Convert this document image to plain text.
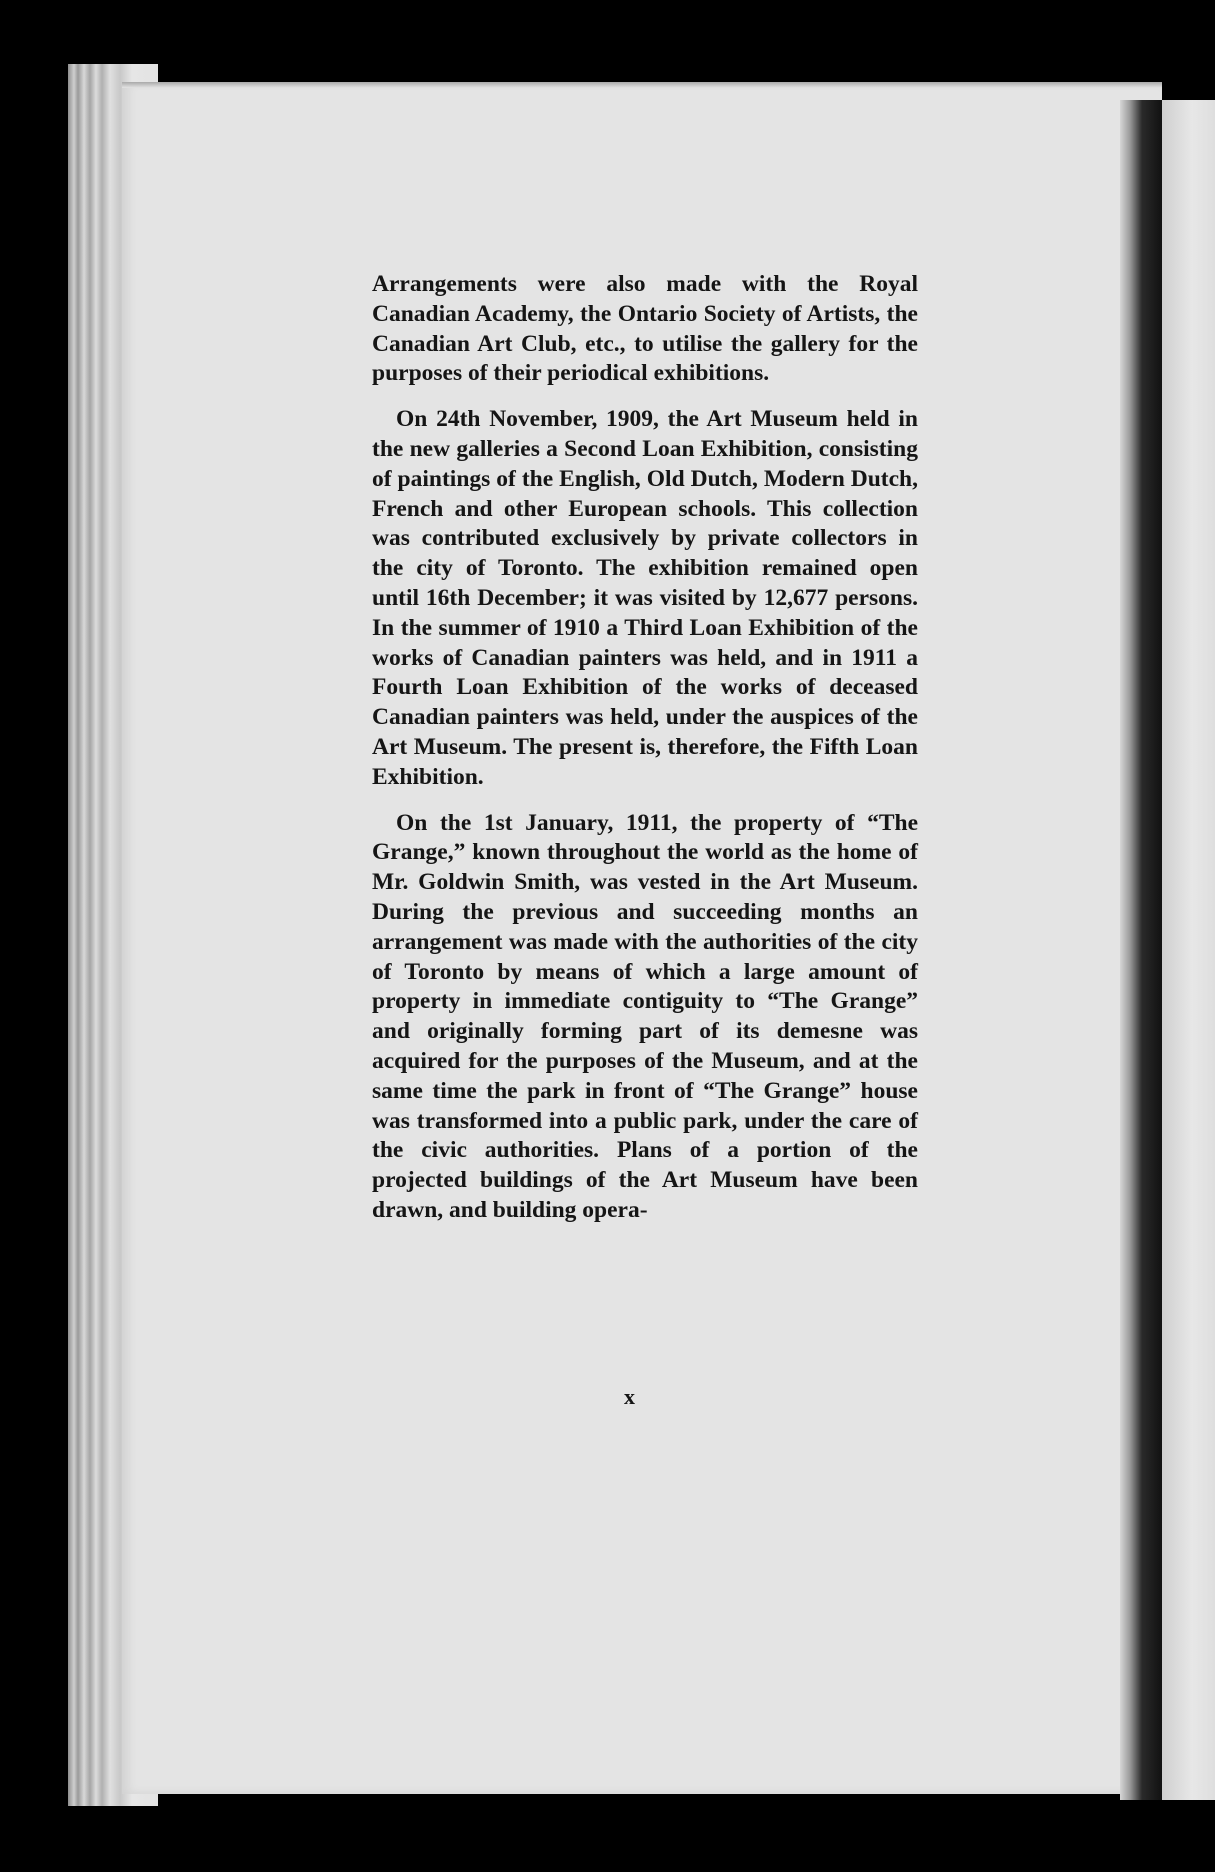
Arrangements were also made with the Royal Canadian Academy, the Ontario Society of Artists, the Canadian Art Club, etc., to utilise the gallery for the purposes of their periodical exhibitions.

On 24th November, 1909, the Art Museum held in the new galleries a Second Loan Exhibition, consisting of paintings of the English, Old Dutch, Modern Dutch, French and other European schools. This collection was contributed exclusively by private collectors in the city of Toronto. The exhibition remained open until 16th December; it was visited by 12,677 persons. In the summer of 1910 a Third Loan Exhibition of the works of Canadian painters was held, and in 1911 a Fourth Loan Exhibition of the works of deceased Canadian painters was held, under the auspices of the Art Museum. The present is, therefore, the Fifth Loan Exhibition.

On the 1st January, 1911, the property of “The Grange,” known throughout the world as the home of Mr. Goldwin Smith, was vested in the Art Museum. During the previous and succeeding months an arrangement was made with the authorities of the city of Toronto by means of which a large amount of property in immediate contiguity to “The Grange” and originally forming part of its demesne was acquired for the purposes of the Museum, and at the same time the park in front of “The Grange” house was transformed into a public park, under the care of the civic authorities. Plans of a portion of the projected buildings of the Art Museum have been drawn, and building opera-

x
